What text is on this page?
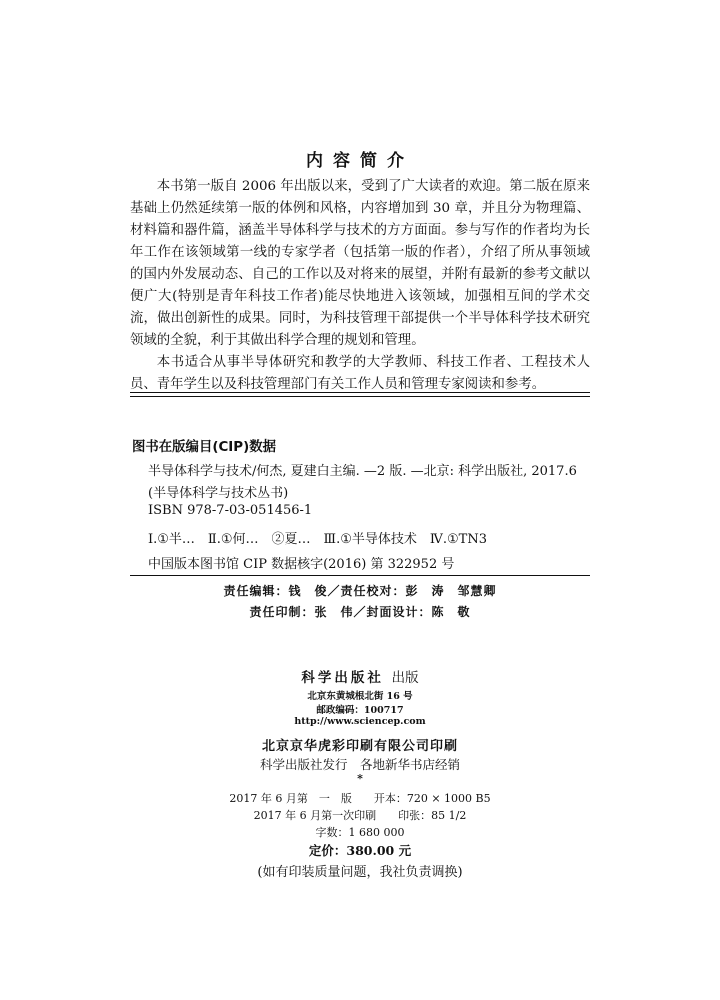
内容简介

本书第一版自 2006 年出版以来，受到了广大读者的欢迎。第二版在原来基础上仍然延续第一版的体例和风格，内容增加到 30 章，并且分为物理篇、材料篇和器件篇，涵盖半导体科学与技术的方方面面。参与写作的作者均为长年工作在该领域第一线的专家学者（包括第一版的作者），介绍了所从事领域的国内外发展动态、自己的工作以及对将来的展望，并附有最新的参考文献以便广大(特别是青年科技工作者)能尽快地进入该领域，加强相互间的学术交流，做出创新性的成果。同时，为科技管理干部提供一个半导体科学技术研究领域的全貌，利于其做出科学合理的规划和管理。

本书适合从事半导体研究和教学的大学教师、科技工作者、工程技术人员、青年学生以及科技管理部门有关工作人员和管理专家阅读和参考。

图书在版编目(CIP)数据
半导体科学与技术/何杰, 夏建白主编. —2 版. —北京: 科学出版社, 2017.6
(半导体科学与技术丛书)
ISBN 978-7-03-051456-1
Ⅰ.①半…　Ⅱ.①何…　②夏…　Ⅲ.①半导体技术　Ⅳ.①TN3
中国版本图书馆 CIP 数据核字(2016) 第 322952 号
责任编辑：钱　俊／责任校对：彭　涛　邹慧卿
责任印制：张　伟／封面设计：陈　敬
科学出版社 出版
北京东黄城根北街 16 号
邮政编码：100717
http://www.sciencep.com
北京京华虎彩印刷有限公司印刷
科学出版社发行　各地新华书店经销
*
2017 年 6 月第　一　版　　开本：720 × 1000 B5
2017 年 6 月第一次印刷　　印张：85 1/2
字数：1 680 000
定价：380.00 元
(如有印装质量问题，我社负责调换)
